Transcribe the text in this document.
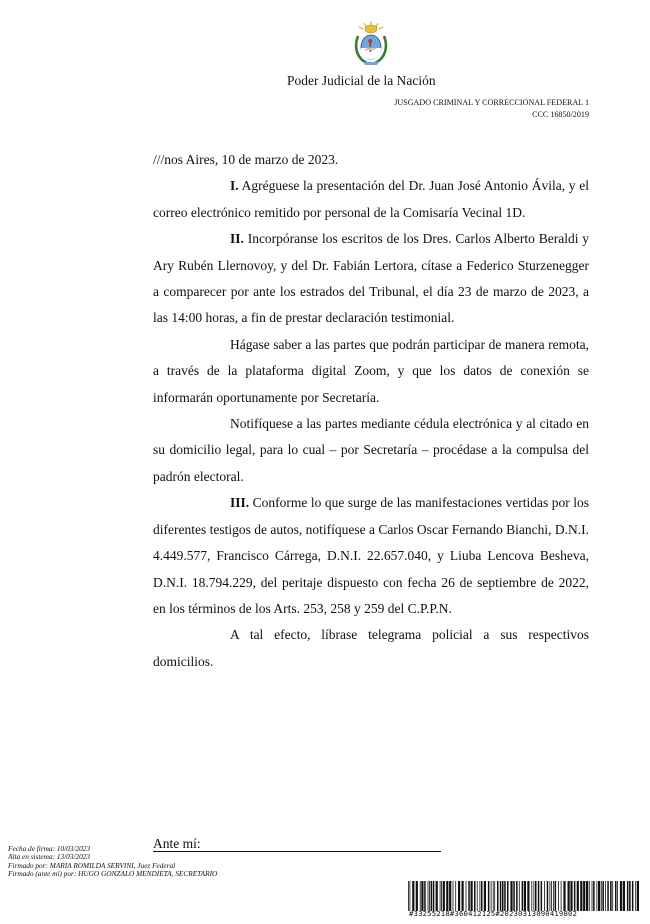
Poder Judicial de la Nación
JUSGADO CRIMINAL Y CORRECCIONAL FEDERAL 1
CCC 16850/2019

///nos Aires, 10 de marzo de 2023.

I. Agréguese la presentación del Dr. Juan José Antonio Ávila, y el correo electrónico remitido por personal de la Comisaría Vecinal 1D.

II. Incorpóranse los escritos de los Dres. Carlos Alberto Beraldi y Ary Rubén Llernovoy, y del Dr. Fabián Lertora, cítase a Federico Sturzenegger a comparecer por ante los estrados del Tribunal, el día 23 de marzo de 2023, a las 14:00 horas, a fin de prestar declaración testimonial.

Hágase saber a las partes que podrán participar de manera remota, a través de la plataforma digital Zoom, y que los datos de conexión se informarán oportunamente por Secretaría.

Notifíquese a las partes mediante cédula electrónica y al citado en su domicilio legal, para lo cual – por Secretaría – procédase a la compulsa del padrón electoral.

III. Conforme lo que surge de las manifestaciones vertidas por los diferentes testigos de autos, notifíquese a Carlos Oscar Fernando Bianchi, D.N.I. 4.449.577, Francisco Cárrega, D.N.I. 22.657.040, y Liuba Lencova Besheva, D.N.I. 18.794.229, del peritaje dispuesto con fecha 26 de septiembre de 2022, en los términos de los Arts. 253, 258 y 259 del C.P.P.N.

A tal efecto, líbrase telegrama policial a sus respectivos domicilios.

Ante mí:
Fecha de firma: 10/03/2023
Alta en sistema: 13/03/2023
Firmado por: MARIA ROMILDA SERVINI, Juez Federal
Firmado (ante mi) por: HUGO GONZALO MENDIETA, SECRETARIO
#33255218#360412125#20230313090419802
